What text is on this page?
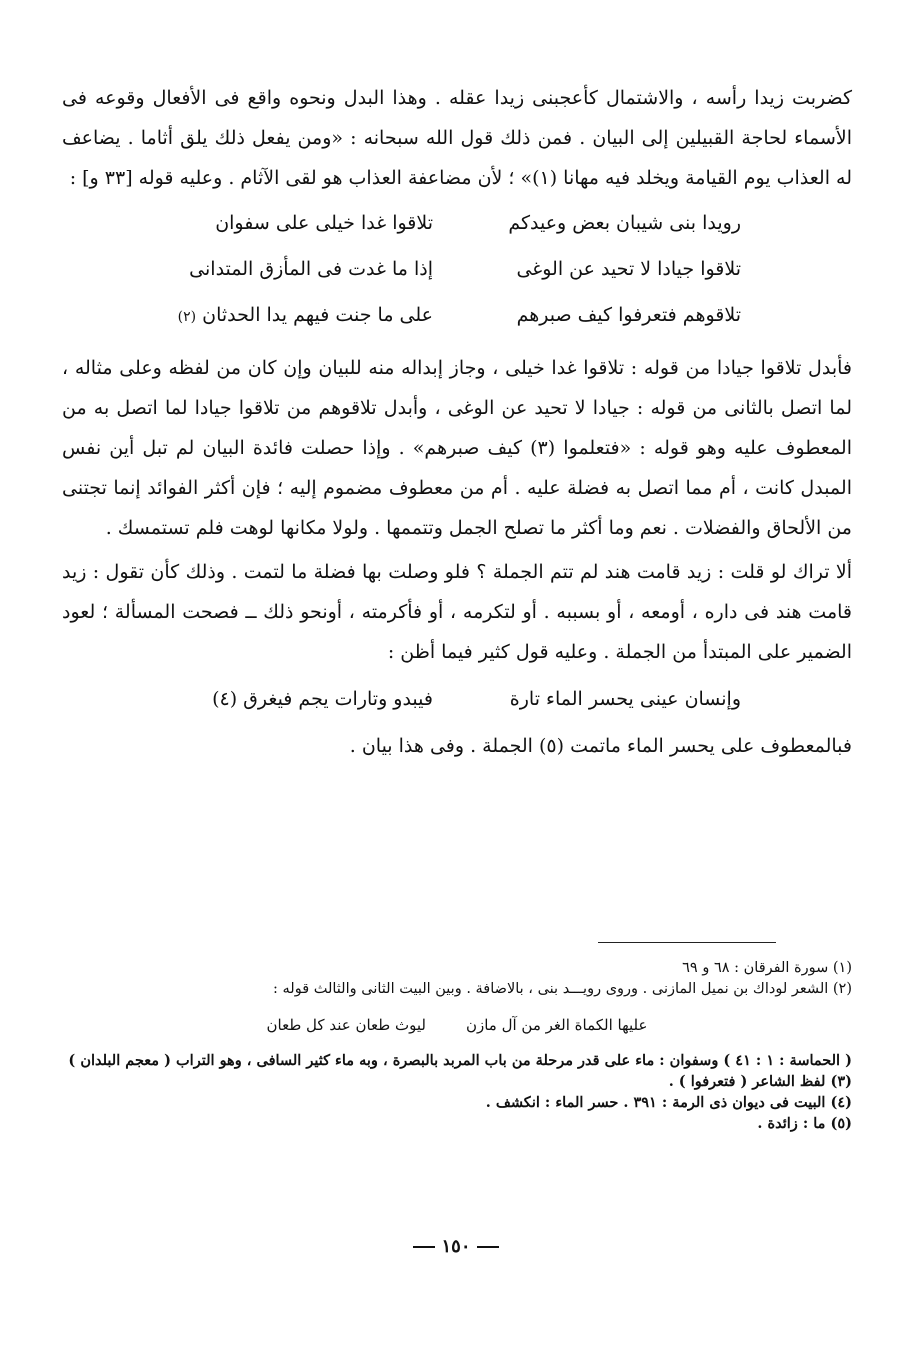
كضربت زيدا رأسه ، والاشتمال كأعجبنى زيدا عقله . وهذا البدل ونحوه واقع فى الأفعال وقوعه فى الأسماء لحاجة القبيلين إلى البيان . فمن ذلك قول الله سبحانه : «ومن يفعل ذلك يلق أثاما . يضاعف له العذاب يوم القيامة ويخلد فيه مهانا (١)» ؛ لأن مضاعفة العذاب هو لقى الآثام . وعليه قوله [٣٣ و] :

رويدا بنى شيبان بعض وعيدكم
تلاقوا غدا خيلى على سفوان
تلاقوا جيادا لا تحيد عن الوغى
إذا ما غدت فى المأزق المتدانى
تلاقوهم فتعرفوا كيف صبرهم
على ما جنت فيهم يدا الحدثان (٢)

فأبدل تلاقوا جيادا من قوله : تلاقوا غدا خيلى ، وجاز إبداله منه للبيان وإن كان من لفظه وعلى مثاله ، لما اتصل بالثانى من قوله : جيادا لا تحيد عن الوغى ، وأبدل تلاقوهم من تلاقوا جيادا لما اتصل به من المعطوف عليه وهو قوله : «فتعلموا (٣) كيف صبرهم» . وإذا حصلت فائدة البيان لم تبل أين نفس المبدل كانت ، أم مما اتصل به فضلة عليه . أم من معطوف مضموم إليه ؛ فإن أكثر الفوائد إنما تجتنى من الألحاق والفضلات . نعم وما أكثر ما تصلح الجمل وتتممها . ولولا مكانها لوهت فلم تستمسك .

ألا تراك لو قلت : زيد قامت هند لم تتم الجملة ؟ فلو وصلت بها فضلة ما لتمت . وذلك كأن تقول : زيد قامت هند فى داره ، أومعه ، أو بسببه . أو لتكرمه ، أو فأكرمته ، أونحو ذلك ــ فصحت المسألة ؛ لعود الضمير على المبتدأ من الجملة . وعليه قول كثير فيما أظن :

وإنسان عينى يحسر الماء تارة
فيبدو وتارات يجم فيغرق (٤)

فبالمعطوف على يحسر الماء ماتمت (٥) الجملة . وفى هذا بيان .

(١) سورة الفرقان : ٦٨ و ٦٩

(٢) الشعر لوداك بن نميل المازنى . وروى رويـــد بنى ، بالاضافة . وبين البيت الثانى والثالث قوله :

عليها الكماة الغر من آل مازن
ليوث طعان عند كل طعان

( الحماسة : ١ : ٤١ ) وسفوان : ماء على قدر مرحلة من باب المربد بالبصرة ، وبه ماء كثير السافى ، وهو التراب ( معجم البلدان )

(٣) لفظ الشاعر ( فتعرفوا ) .

(٤) البيت فى ديوان ذى الرمة : ٣٩١ . حسر الماء : انكشف .

(٥) ما : زائدة .

١٥٠
